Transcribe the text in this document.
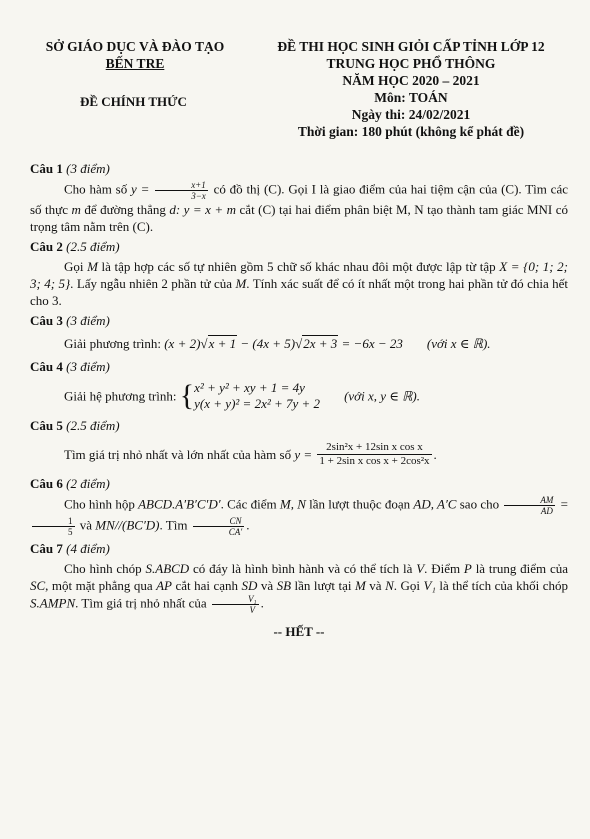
SỞ GIÁO DỤC VÀ ĐÀO TẠO
BẾN TRE
ĐỀ CHÍNH THỨC
ĐỀ THI HỌC SINH GIỎI CẤP TỈNH LỚP 12
TRUNG HỌC PHỔ THÔNG
NĂM HỌC 2020 – 2021
Môn: TOÁN
Ngày thi: 24/02/2021
Thời gian: 180 phút (không kể phát đề)

Câu 1 (3 điểm)

Cho hàm số $y = \frac{x+1}{3-x}$ có đồ thị (C). Gọi I là giao điểm của hai tiệm cận của (C). Tìm các số thực m để đường thẳng d: y = x + m cắt (C) tại hai điểm phân biệt M, N tạo thành tam giác MNI có trọng tâm nằm trên (C).

Câu 2 (2.5 điểm)

Gọi M là tập hợp các số tự nhiên gồm 5 chữ số khác nhau đôi một được lập từ tập X = {0; 1; 2; 3; 4; 5}. Lấy ngẫu nhiên 2 phần tử của M. Tính xác suất để có ít nhất một trong hai phần tử đó chia hết cho 3.

Câu 3 (3 điểm)

Giải phương trình: (x + 2)√x + 1 − (4x + 5)√2x + 3 = −6x − 23 (với x ∈ ℝ).

Câu 4 (3 điểm)

Giải hệ phương trình: { x² + y² + xy + 1 = 4y
y(x + y)² = 2x² + 7y + 2 (với x, y ∈ ℝ).

Câu 5 (2.5 điểm)

Tìm giá trị nhỏ nhất và lớn nhất của hàm số $y = \frac{\text{2sin²x + 12sin x cos x}}{\text{1 + 2sin x cos x + 2cos²x}}$ .

Câu 6 (2 điểm)

Cho hình hộp ABCD.A′B′C′D′. Các điểm M, N lần lượt thuộc đoạn AD, A′C sao cho $\frac{AM}{AD}$ =
$\frac{1}{5}$ và MN//(BC′D). Tìm $\frac{CN}{CA'}$ .

Câu 7 (4 điểm)

Cho hình chóp S.ABCD có đáy là hình bình hành và có thể tích là V. Điểm P là trung điểm của SC, một mặt phẳng qua AP cắt hai cạnh SD và SB lần lượt tại M và N. Gọi V₁ là thể tích của khối chóp S.AMPN. Tìm giá trị nhỏ nhất của $\frac{\text{V₁}}{V}$ .

-- HẾT --
